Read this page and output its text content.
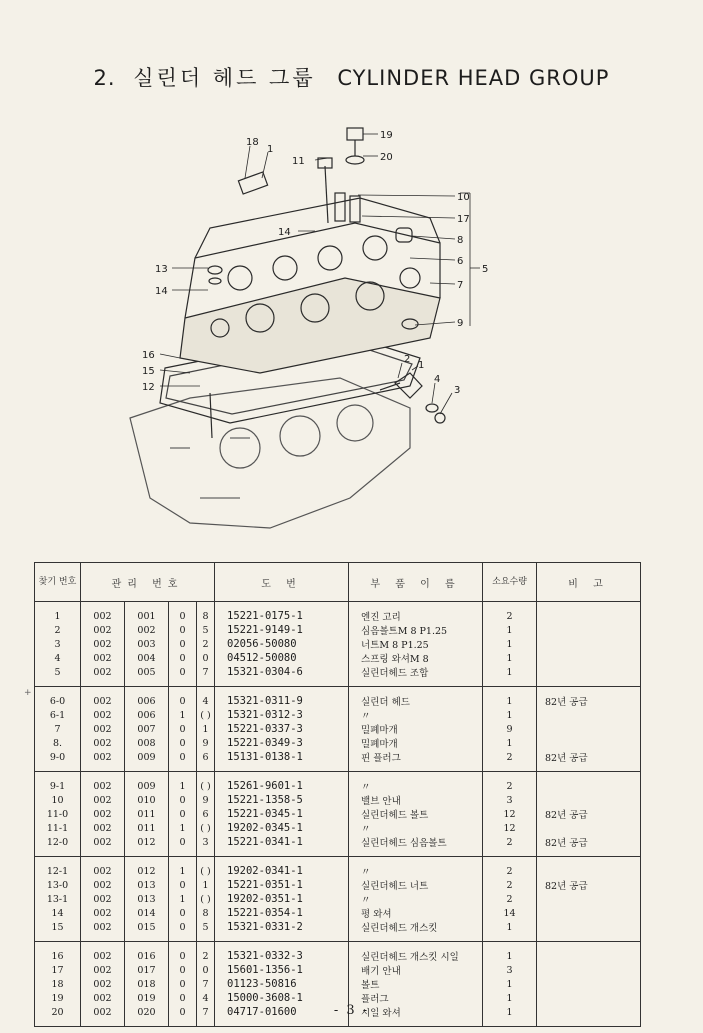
2. 실린더 헤드 그룹 CYLINDER HEAD GROUP
18
1
11
19
20
10
17
8
14
6
5
13
7
14
9
16
15
12
2
1
4
3
찾기 번호	관리 번호				도 번	부 품 이 름	소요수량	비 고
1	002	001	0	8	15221-0175-1	엔진 고리	2	
2	002	002	0	5	15221-9149-1	심음볼트M 8 P1.25	1	
3	002	003	0	2	02056-50080	너트M 8 P1.25	1	
4	002	004	0	0	04512-50080	스프링 와셔M 8	1	
5	002	005	0	7	15321-0304-6	실린더헤드 조합	1	
6-0	002	006	0	4	15321-0311-9	실린더 헤드	1	82년 공급
6-1	002	006	1	( )	15321-0312-3	〃	1	
7	002	007	0	1	15221-0337-3	밀폐마개	9	
8.	002	008	0	9	15221-0349-3	밀폐마개	1	
9-0	002	009	0	6	15131-0138-1	핀 플러그	2	82년 공급
9-1	002	009	1	( )	15261-9601-1	〃	2	
10	002	010	0	9	15221-1358-5	밸브 안내	3	
11-0	002	011	0	6	15221-0345-1	실린더헤드 볼트	12	82년 공급
11-1	002	011	1	( )	19202-0345-1	〃	12	
12-0	002	012	0	3	15221-0341-1	실린더헤드 심음볼트	2	82년 공급
12-1	002	012	1	( )	19202-0341-1	〃	2	
13-0	002	013	0	1	15221-0351-1	실린더헤드 너트	2	82년 공급
13-1	002	013	1	( )	19202-0351-1	〃	2	
14	002	014	0	8	15221-0354-1	평 와셔	14	
15	002	015	0	5	15321-0331-2	실린더헤드 개스킷	1	
16	002	016	0	2	15321-0332-3	실린더헤드 개스킷 시일	1	
17	002	017	0	0	15601-1356-1	배기 안내	3	
18	002	018	0	7	01123-50816	볼트	1	
19	002	019	0	4	15000-3608-1	플러그	1	
20	002	020	0	7	04717-01600	시일 와셔	1	
+
- 3 -
